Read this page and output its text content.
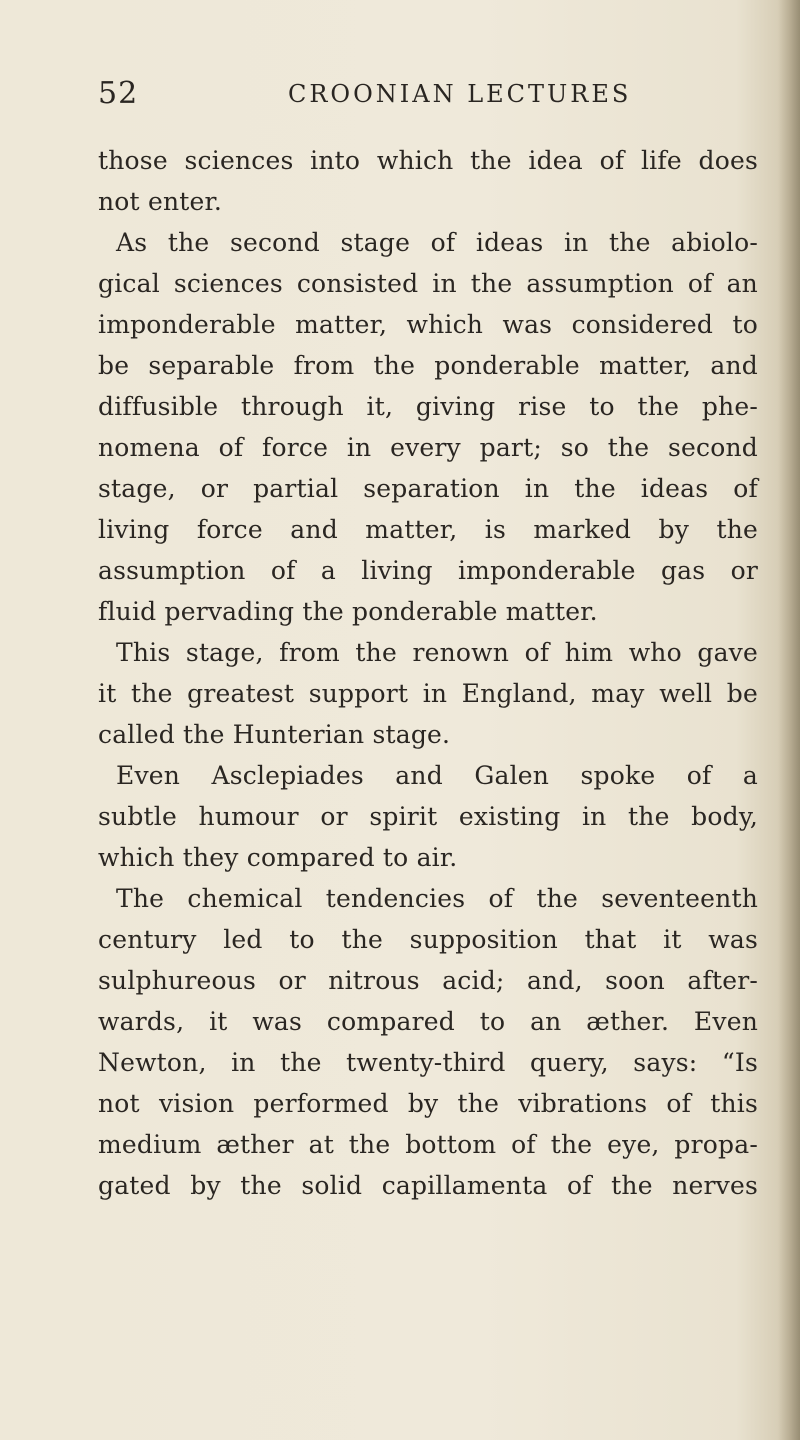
52	CROONIAN LECTURES
those sciences into which the idea of life does
not enter.
As the second stage of ideas in the abiolo-
gical sciences consisted in the assumption of an
imponderable matter, which was considered to
be separable from the ponderable matter, and
diffusible through it, giving rise to the phe-
nomena of force in every part; so the second
stage, or partial separation in the ideas of
living force and matter, is marked by the
assumption of a living imponderable gas or
fluid pervading the ponderable matter.
This stage, from the renown of him who gave
it the greatest support in England, may well be
called the Hunterian stage.
Even Asclepiades and Galen spoke of a
subtle humour or spirit existing in the body,
which they compared to air.
The chemical tendencies of the seventeenth
century led to the supposition that it was
sulphureous or nitrous acid; and, soon after-
wards, it was compared to an æther. Even
Newton, in the twenty-third query, says: “Is
not vision performed by the vibrations of this
medium æther at the bottom of the eye, propa-
gated by the solid capillamenta of the nerves
